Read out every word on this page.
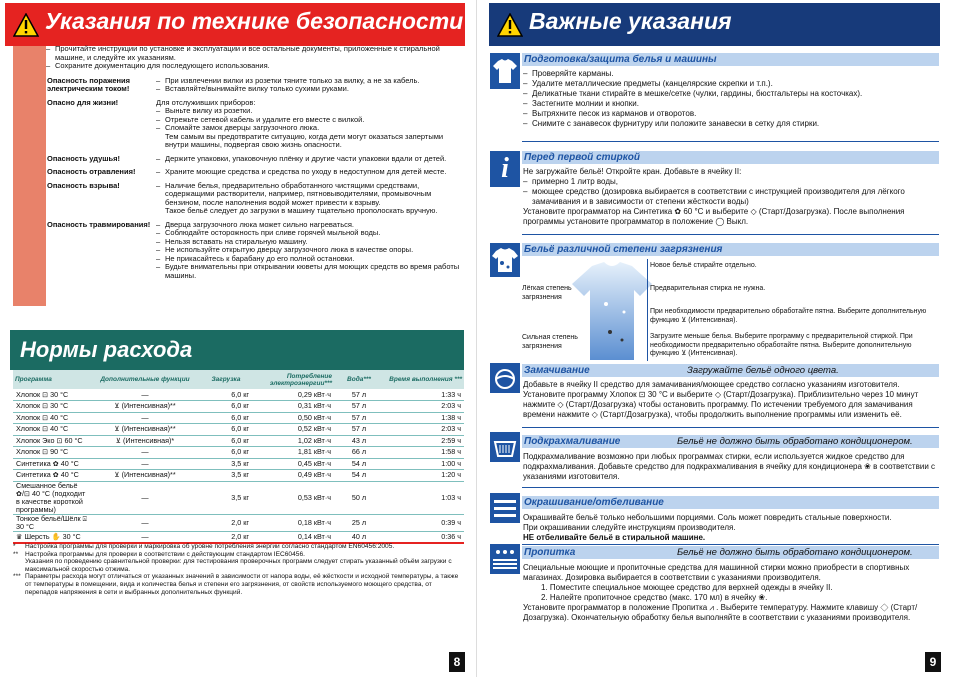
Указания по технике безопасности
– Прочитайте инструкции по установке и эксплуатации и все остальные документы, приложенные к стиральной машине, и следуйте их указаниям.
– Сохраните документацию для последующего использования.
Опасность поражения электрическим током!
– При извлечении вилки из розетки тяните только за вилку, а не за кабель.
– Вставляйте/вынимайте вилку только сухими руками.
Опасно для жизни!	Для отслуживших приборов:
– Выньте вилку из розетки.
– Отрежьте сетевой кабель и удалите его вместе с вилкой.
– Сломайте замок дверцы загрузочного люка.
Тем самым вы предотвратите ситуацию, когда дети могут оказаться запертыми внутри машины, подвергая свою жизнь опасности.
Опасность удушья!	– Держите упаковки, упаковочную плёнку и другие части упаковки вдали от детей.
Опасность отравления!	– Храните моющие средства и средства по уходу в недоступном для детей месте.
Опасность взрыва!	– Наличие белья, предварительно обработанного чистящими средствами, содержащими растворители, например, пятновыводителями, промывочным бензином, после наполнения водой может привести к взрыву.
Такое бельё следует до загрузки в машину тщательно прополоскать вручную.
Опасность травмирования!	– Дверца загрузочного люка может сильно нагреваться.
– Соблюдайте осторожность при сливе горячей мыльной воды.
– Нельзя вставать на стиральную машину.
– Не используйте открытую дверцу загрузочного люка в качестве опоры.
– Не прикасайтесь к барабану до его полной остановки.
– Будьте внимательны при открывании кюветы для моющих средств во время работы машины.
Нормы расхода
Программа	Дополнительные функции	Загрузка	Потребление электроэнергии***	Вода***	Время выполнения ***
Хлопок ⊡ 30 °C	—	6,0 кг	0,29 кВт·ч	57 л	1:33 ч
Хлопок ⊡ 30 °C	⊻ (Интенсивная)**	6,0 кг	0,31 кВт·ч	57 л	2:03 ч
Хлопок ⊡ 40 °C	—	6,0 кг	0,50 кВт·ч	57 л	1:38 ч
Хлопок ⊡ 40 °C	⊻ (Интенсивная)**	6,0 кг	0,52 кВт·ч	57 л	2:03 ч
Хлопок Эко ⊡ 60 °C	⊻ (Интенсивная)*	6,0 кг	1,02 кВт·ч	43 л	2:59 ч
Хлопок ⊡ 90 °C	—	6,0 кг	1,81 кВт·ч	66 л	1:58 ч
Синтетика ✿ 40 °C	—	3,5 кг	0,45 кВт·ч	54 л	1:00 ч
Синтетика ✿ 40 °C	⊻ (Интенсивная)**	3,5 кг	0,49 кВт·ч	54 л	1:20 ч
Смешанное бельё ✿/⊡ 40 °C (подходит в качестве короткой программы)	—	3,5 кг	0,53 кВт·ч	50 л	1:03 ч
Тонкое бельё/Шёлк ⍓ 30 °C	—	2,0 кг	0,18 кВт·ч	25 л	0:39 ч
♛ Шерсть ✋ 30 °C	—	2,0 кг	0,14 кВт·ч	40 л	0:36 ч
*	Настройка программы для проверки и маркировка об уровне потребления энергии согласно стандартом EN60456:2005.
**	Настройка программы для проверки в соответствии с действующим стандартом IEC60456.
Указания по проведению сравнительной проверки: для тестирования проверочных программ следует стирать указанный объём загрузки с максимальной скоростью отжима.
*** Параметры расхода могут отличаться от указанных значений в зависимости от напора воды, её жёсткости и исходной температуры, а также от температуры в помещении, вида и количества белья и степени его загрязнения, от свойств используемого моющего средства, от перепадов напряжения в сети и выбранных дополнительных функций.
8
Важные указания
Подготовка/защита белья и машины
– Проверяйте карманы.
– Удалите металлические предметы (канцелярские скрепки и т.п.).
– Деликатные ткани стирайте в мешке/сетке (чулки, гардины, бюстгальтеры на косточках).
– Застегните молнии и кнопки.
– Вытряхните песок из карманов и отворотов.
– Снимите с занавесок фурнитуру или положите занавески в сетку для стирки.
i	Перед первой стиркой
Не загружайте бельё! Откройте кран. Добавьте в ячейку II:
– примерно 1 литр воды,
– моющее средство (дозировка выбирается в соответствии с инструкцией производителя для лёгкого замачивания и в зависимости от степени жёсткости воды)
Установите программатор на Синтетика ✿ 60 °C и выберите ◇ (Старт/Дозагрузка). После выполнения программы установите программатор в положение ◯ Выкл.
Бельё различной степени загрязнения
Новое бельё стирайте отдельно.
Лёгкая степень загрязнения
Предварительная стирка не нужна.
При необходимости предварительно обработайте пятна. Выберите дополнительную функцию ⊻ (Интенсивная).
Сильная степень загрязнения
Загрузите меньше белья. Выберите программу с предварительной стиркой. При необходимости предварительно обработайте пятна. Выберите дополнительную функцию ⊻ (Интенсивная).
Замачивание	Загружайте бельё одного цвета.
Добавьте в ячейку II средство для замачивания/моющее средство согласно указаниям изготовителя. Установите программу Хлопок ⊡ 30 °C и выберите ◇ (Старт/Дозагрузка). Приблизительно через 10 минут нажмите ◇ (Старт/Дозагрузка) чтобы остановить программу. По истечении требуемого для замачивания времени нажмите ◇ (Старт/Дозагрузка), чтобы продолжить выполнение программы или изменить её.
Подкрахмаливание	Бельё не должно быть обработано кондиционером.
Подкрахмаливание возможно при любых программах стирки, если используется жидкое средство для подкрахмаливания. Добавьте средство для подкрахмаливания в ячейку для кондиционера ❀ в соответствии с указаниями изготовителя.
Окрашивание/отбеливание
Окрашивайте бельё только небольшими порциями. Соль может повредить стальные поверхности.
При окрашивании следуйте инструкциям производителя.
НЕ отбеливайте бельё в стиральной машине.
Пропитка	Бельё не должно быть обработано кондиционером.
Специальные моющие и пропиточные средства для машинной стирки можно приобрести в спортивных магазинах. Дозировка выбирается в соответствии с указаниями производителя.
1. Поместите специальное моющее средство для верхней одежды в ячейку II.
2. Налейте пропиточное средство (макс. 170 мл) в ячейку ❀.
Установите программатор в положение Пропитка ⩘ . Выберите температуру. Нажмите клавишу ◇ (Старт/Дозагрузка). Окончательную обработку белья выполняйте в соответствии с указаниями производителя.
9
